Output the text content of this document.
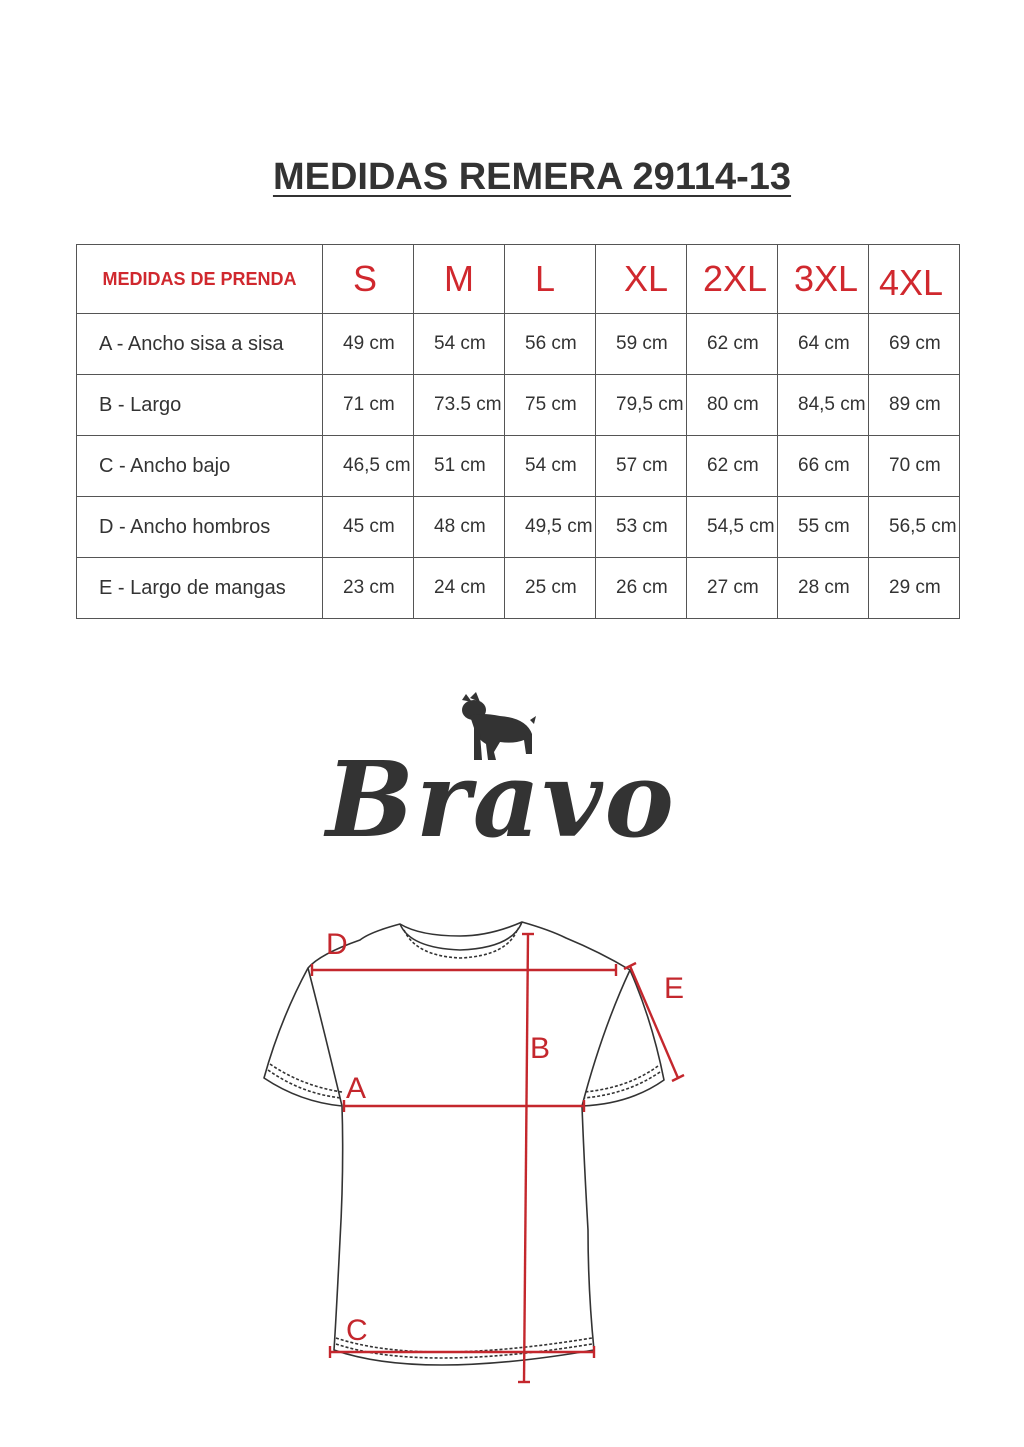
MEDIDAS REMERA 29114-13
MEDIDAS DE PRENDA	S	M	L	XL	2XL	3XL	4XL
A - Ancho sisa a sisa	49 cm	54 cm	56 cm	59 cm	62 cm	64 cm	69 cm
B - Largo	71 cm	73.5 cm	75 cm	79,5 cm	80 cm	84,5 cm	89 cm
C - Ancho bajo	46,5 cm	51 cm	54 cm	57 cm	62 cm	66 cm	70 cm
D - Ancho hombros	45 cm	48 cm	49,5 cm	53 cm	54,5 cm	55 cm	56,5 cm
E - Largo de mangas	23 cm	24 cm	25 cm	26 cm	27 cm	28 cm	29 cm
Bravo
D
E
B
A
C
